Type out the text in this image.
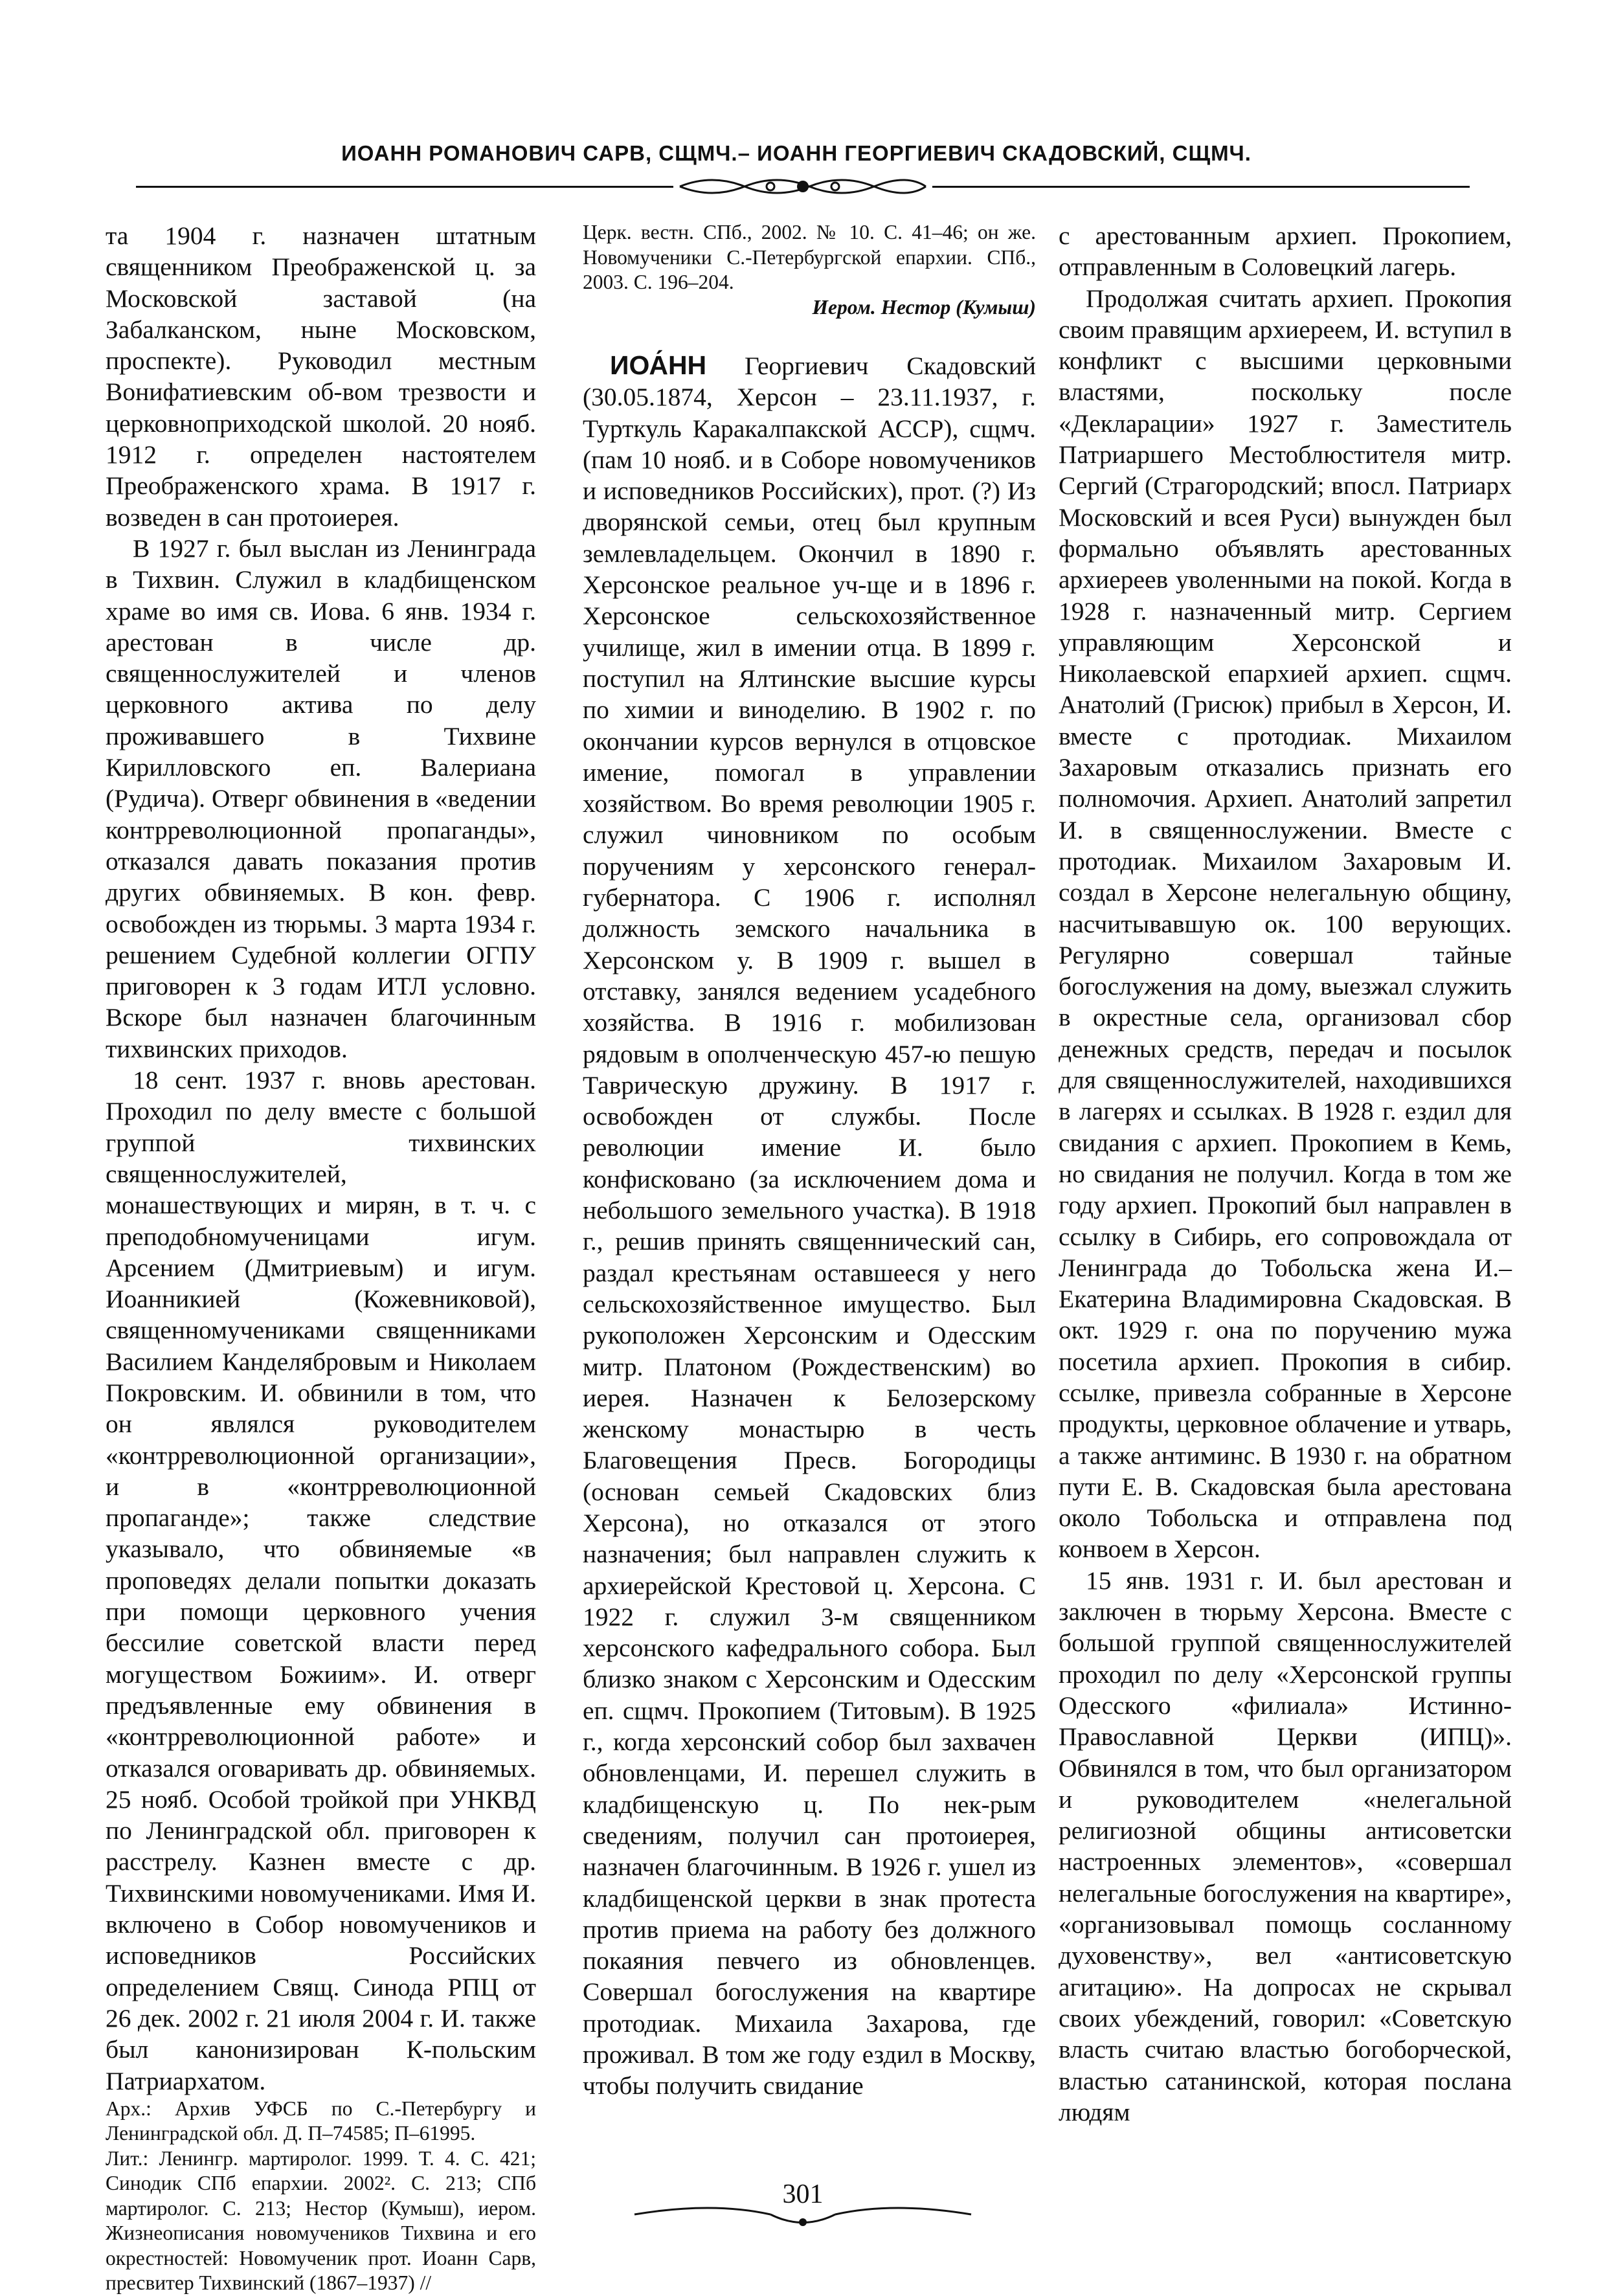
ИОАНН РОМАНОВИЧ САРВ, СЩМЧ.– ИОАНН ГЕОРГИЕВИЧ СКАДОВСКИЙ, СЩМЧ.

та 1904 г. назначен штатным священником Преображенской ц. за Московской заставой (на Забалканском, ныне Московском, проспекте). Руководил местным Вонифатиевским об-вом трезвости и церковноприходской школой. 20 нояб. 1912 г. определен настоятелем Преображенского храма. В 1917 г. возведен в сан протоиерея.

В 1927 г. был выслан из Ленинграда в Тихвин. Служил в кладбищенском храме во имя св. Иова. 6 янв. 1934 г. арестован в числе др. священнослужителей и членов церковного актива по делу проживавшего в Тихвине Кирилловского еп. Валериана (Рудича). Отверг обвинения в «ведении контрреволюционной пропаганды», отказался давать показания против других обвиняемых. В кон. февр. освобожден из тюрьмы. 3 марта 1934 г. решением Судебной коллегии ОГПУ приговорен к 3 годам ИТЛ условно. Вскоре был назначен благочинным тихвинских приходов.

18 сент. 1937 г. вновь арестован. Проходил по делу вместе с большой группой тихвинских священнослужителей, монашествующих и мирян, в т. ч. с преподобномученицами игум. Арсением (Дмитриевым) и игум. Иоанникией (Кожевниковой), священномучениками священниками Василием Канделябровым и Николаем Покровским. И. обвинили в том, что он являлся руководителем «контрреволюционной организации», и в «контрреволюционной пропаганде»; также следствие указывало, что обвиняемые «в проповедях делали попытки доказать при помощи церковного учения бессилие советской власти перед могуществом Божиим». И. отверг предъявленные ему обвинения в «контрреволюционной работе» и отказался оговаривать др. обвиняемых. 25 нояб. Особой тройкой при УНКВД по Ленинградской обл. приговорен к расстрелу. Казнен вместе с др. Тихвинскими новомучениками. Имя И. включено в Собор новомучеников и исповедников Российских определением Свящ. Синода РПЦ от 26 дек. 2002 г. 21 июля 2004 г. И. также был канонизирован К-польским Патриархатом.

Арх.: Архив УФСБ по С.-Петербургу и Ленинградской обл. Д. П–74585; П–61995.

Лит.: Ленингр. мартиролог. 1999. Т. 4. С. 421; Синодик СПб епархии. 2002². С. 213; СПб мартиролог. С. 213; Нестор (Кумыш), иером. Жизнеописания новомучеников Тихвина и его окрестностей: Новомученик прот. Иоанн Сарв, пресвитер Тихвинский (1867–1937) //

Церк. вестн. СПб., 2002. № 10. С. 41–46; он же. Новомученики С.-Петербургской епархии. СПб., 2003. С. 196–204.

Иером. Нестор (Кумыш)

ИОА́НН Георгиевич Скадовский (30.05.1874, Херсон – 23.11.1937, г. Турткуль Каракалпакской АССР), сщмч. (пам 10 нояб. и в Соборе новомучеников и исповедников Российских), прот. (?) Из дворянской семьи, отец был крупным землевладельцем. Окончил в 1890 г. Херсонское реальное уч-ще и в 1896 г. Херсонское сельскохозяйственное училище, жил в имении отца. В 1899 г. поступил на Ялтинские высшие курсы по химии и виноделию. В 1902 г. по окончании курсов вернулся в отцовское имение, помогал в управлении хозяйством. Во время революции 1905 г. служил чиновником по особым поручениям у херсонского генерал-губернатора. С 1906 г. исполнял должность земского начальника в Херсонском у. В 1909 г. вышел в отставку, занялся ведением усадебного хозяйства. В 1916 г. мобилизован рядовым в ополченческую 457-ю пешую Таврическую дружину. В 1917 г. освобожден от службы. После революции имение И. было конфисковано (за исключением дома и небольшого земельного участка). В 1918 г., решив принять священнический сан, раздал крестьянам оставшееся у него сельскохозяйственное имущество. Был рукоположен Херсонским и Одесским митр. Платоном (Рождественским) во иерея. Назначен к Белозерскому женскому монастырю в честь Благовещения Пресв. Богородицы (основан семьей Скадовских близ Херсона), но отказался от этого назначения; был направлен служить к архиерейской Крестовой ц. Херсона. С 1922 г. служил 3-м священником херсонского кафедрального собора. Был близко знаком с Херсонским и Одесским еп. сщмч. Прокопием (Титовым). В 1925 г., когда херсонский собор был захвачен обновленцами, И. перешел служить в кладбищенскую ц. По нек-рым сведениям, получил сан протоиерея, назначен благочинным. В 1926 г. ушел из кладбищенской церкви в знак протеста против приема на работу без должного покаяния певчего из обновленцев. Совершал богослужения на квартире протодиак. Михаила Захарова, где проживал. В том же году ездил в Москву, чтобы получить свидание

с арестованным архиеп. Прокопием, отправленным в Соловецкий лагерь.

Продолжая считать архиеп. Прокопия своим правящим архиереем, И. вступил в конфликт с высшими церковными властями, поскольку после «Декларации» 1927 г. Заместитель Патриаршего Местоблюстителя митр. Сергий (Страгородский; впосл. Патриарх Московский и всея Руси) вынужден был формально объявлять арестованных архиереев уволенными на покой. Когда в 1928 г. назначенный митр. Сергием управляющим Херсонской и Николаевской епархией архиеп. сщмч. Анатолий (Грисюк) прибыл в Херсон, И. вместе с протодиак. Михаилом Захаровым отказались признать его полномочия. Архиеп. Анатолий запретил И. в священнослужении. Вместе с протодиак. Михаилом Захаровым И. создал в Херсоне нелегальную общину, насчитывавшую ок. 100 верующих. Регулярно совершал тайные богослужения на дому, выезжал служить в окрестные села, организовал сбор денежных средств, передач и посылок для священнослужителей, находившихся в лагерях и ссылках. В 1928 г. ездил для свидания с архиеп. Прокопием в Кемь, но свидания не получил. Когда в том же году архиеп. Прокопий был направлен в ссылку в Сибирь, его сопровождала от Ленинграда до Тобольска жена И.– Екатерина Владимировна Скадовская. В окт. 1929 г. она по поручению мужа посетила архиеп. Прокопия в сибир. ссылке, привезла собранные в Херсоне продукты, церковное облачение и утварь, а также антиминс. В 1930 г. на обратном пути Е. В. Скадовская была арестована около Тобольска и отправлена под конвоем в Херсон.

15 янв. 1931 г. И. был арестован и заключен в тюрьму Херсона. Вместе с большой группой священнослужителей проходил по делу «Херсонской группы Одесского «филиала» Истинно-Православной Церкви (ИПЦ)». Обвинялся в том, что был организатором и руководителем «нелегальной религиозной общины антисоветски настроенных элементов», «совершал нелегальные богослужения на квартире», «организовывал помощь сосланному духовенству», вел «антисоветскую агитацию». На допросах не скрывал своих убеждений, говорил: «Советскую власть считаю властью богоборческой, властью сатанинской, которая послана людям

301
